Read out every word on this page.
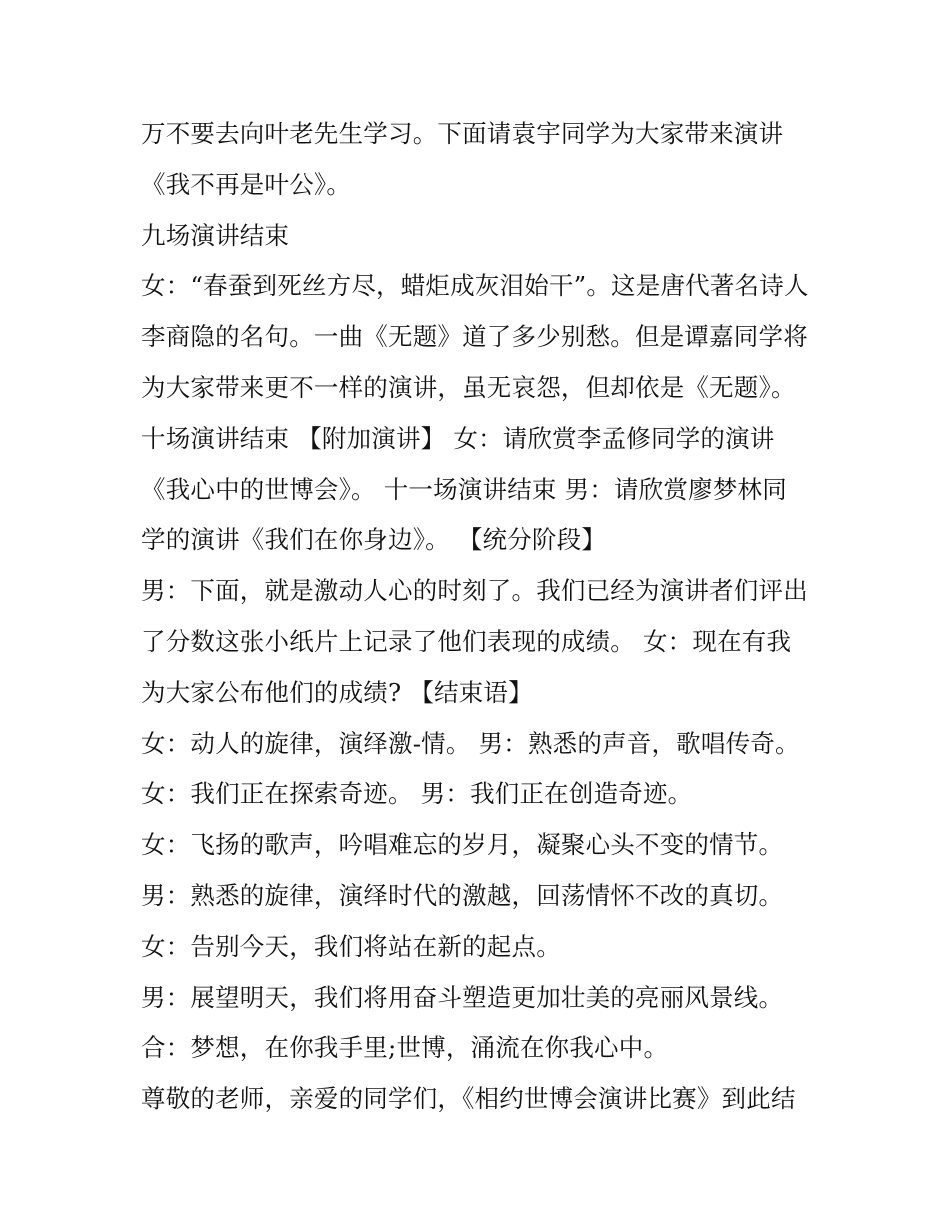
万不要去向叶老先生学习。下面请袁宇同学为大家带来演讲
《我不再是叶公》。
九场演讲结束
女：“春蚕到死丝方尽，蜡炬成灰泪始干”。这是唐代著名诗人
李商隐的名句。一曲《无题》道了多少别愁。但是谭嘉同学将
为大家带来更不一样的演讲，虽无哀怨，但却依是《无题》。
十场演讲结束 【附加演讲】 女：请欣赏李孟修同学的演讲
《我心中的世博会》。 十一场演讲结束 男：请欣赏廖梦林同
学的演讲《我们在你身边》。 【统分阶段】
男：下面，就是激动人心的时刻了。我们已经为演讲者们评出
了分数这张小纸片上记录了他们表现的成绩。 女：现在有我
为大家公布他们的成绩? 【结束语】
女：动人的旋律，演绎激-情。 男：熟悉的声音，歌唱传奇。
女：我们正在探索奇迹。 男：我们正在创造奇迹。
女：飞扬的歌声，吟唱难忘的岁月，凝聚心头不变的情节。
男：熟悉的旋律，演绎时代的激越，回荡情怀不改的真切。
女：告别今天，我们将站在新的起点。
男：展望明天，我们将用奋斗塑造更加壮美的亮丽风景线。
合：梦想，在你我手里;世博，涌流在你我心中。
尊敬的老师，亲爱的同学们，《相约世博会演讲比赛》到此结
